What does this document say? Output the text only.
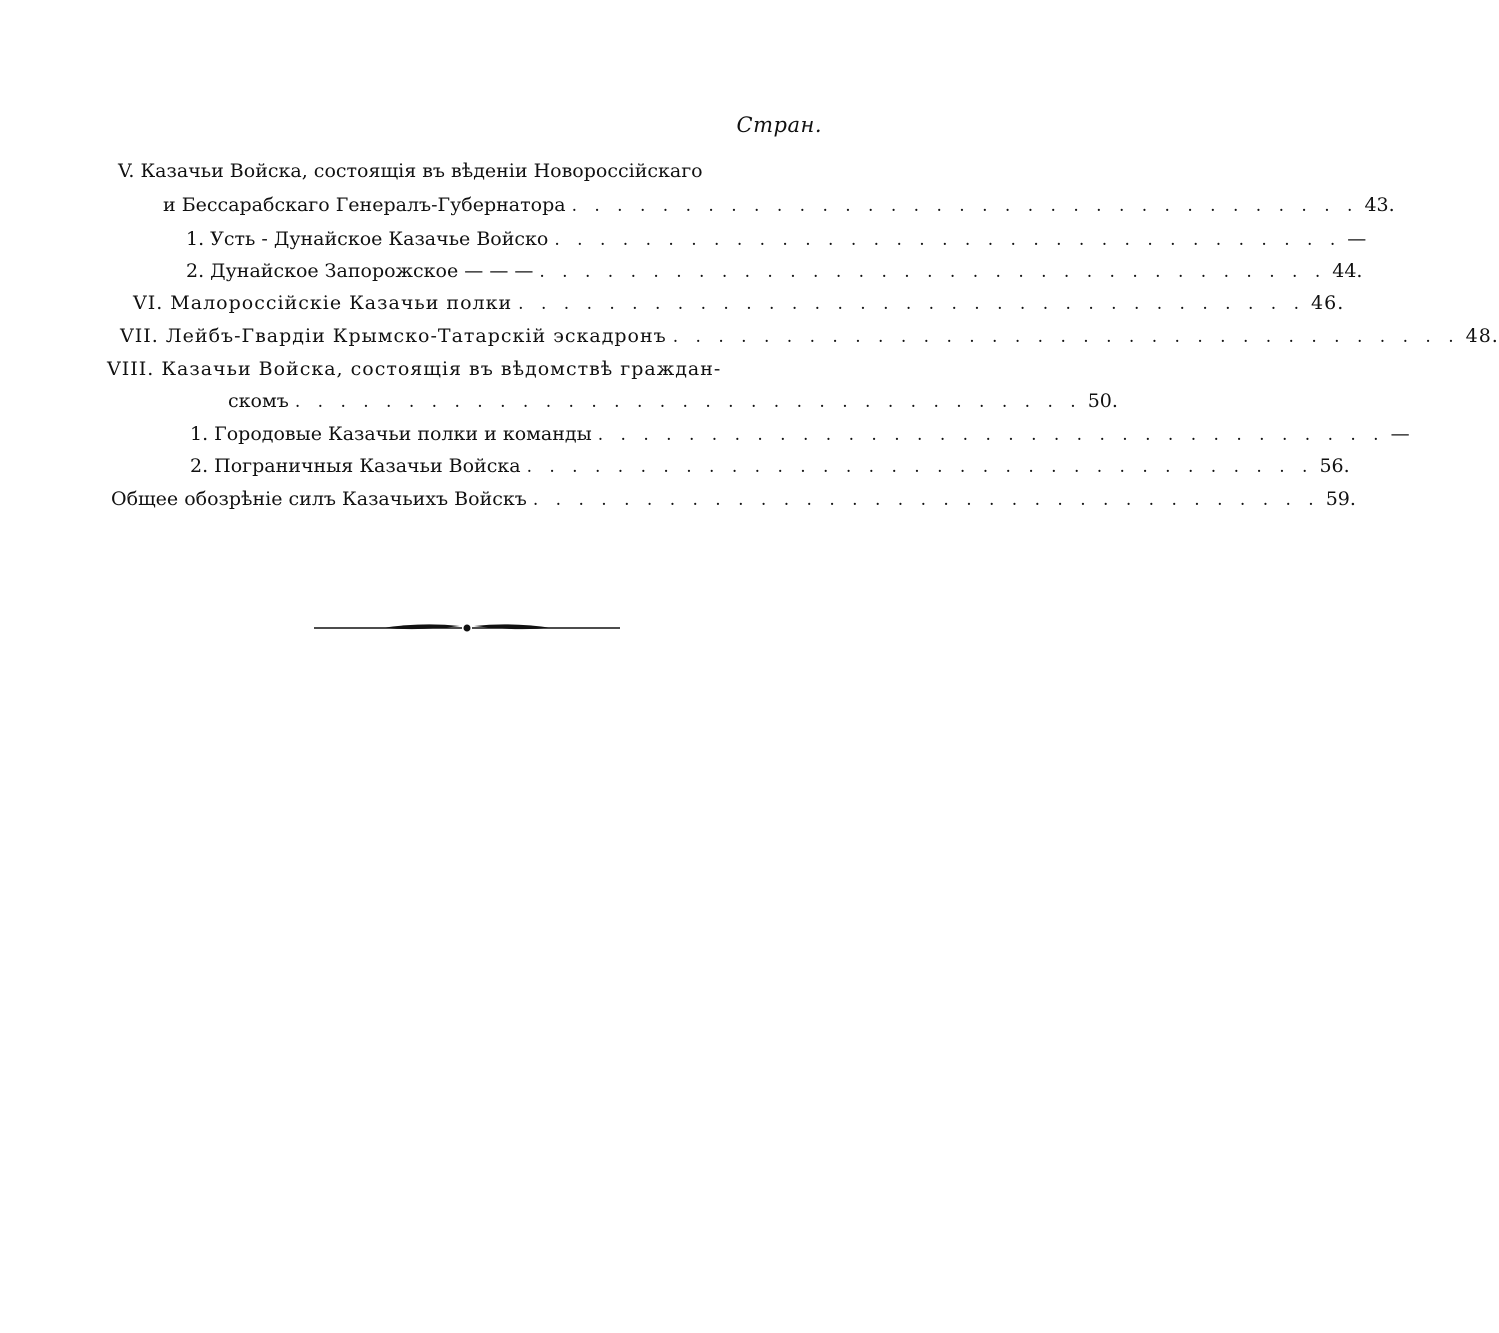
Стран.
V. Казачьи Войска, состоящія въ вѣденіи Новороссійскаго
и Бессарабскаго Генералъ-Губернатора . . . . . . . . . . . . . . . . . . . . . . . . . . . . . . . . . . . 43.
1. Усть - Дунайское Казачье Войско . . . . . . . . . . . . . . . . . . . . . . . . . . . . . . . . . . . —
2. Дунайское Запорожское — — — . . . . . . . . . . . . . . . . . . . . . . . . . . . . . . . . . . . 44.
VI. Малороссійскіе Казачьи полки . . . . . . . . . . . . . . . . . . . . . . . . . . . . . . . . . . . 46.
VII. Лейбъ-Гвардіи Крымско-Татарскій эскадронъ . . . . . . . . . . . . . . . . . . . . . . . . . . . . . . . . . . . 48.
VIII. Казачьи Войска, состоящія въ вѣдомствѣ граждан-
скомъ . . . . . . . . . . . . . . . . . . . . . . . . . . . . . . . . . . . 50.
1. Городовые Казачьи полки и команды . . . . . . . . . . . . . . . . . . . . . . . . . . . . . . . . . . . —
2. Пограничныя Казачьи Войска . . . . . . . . . . . . . . . . . . . . . . . . . . . . . . . . . . . 56.
Общее обозрѣніе силъ Казачьихъ Войскъ . . . . . . . . . . . . . . . . . . . . . . . . . . . . . . . . . . . 59.
